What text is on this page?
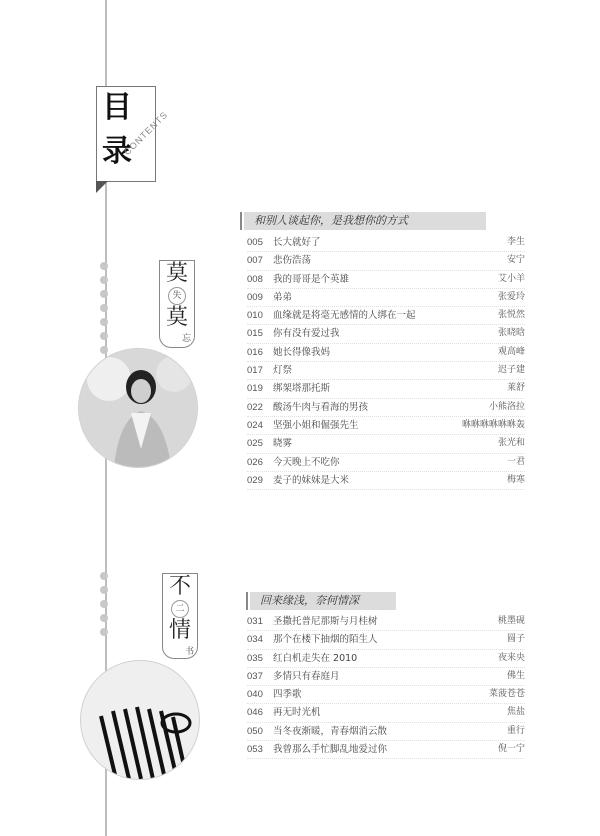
目
录
CONTENTS
莫
失
莫
忘
和别人谈起你，是我想你的方式
005	长大就好了	李生
007	悲伤浩荡	安宁
008	我的哥哥是个英雄	艾小羊
009	弟弟	张爱玲
010	血缘就是将毫无感情的人绑在一起	张悦然
015	你有没有爱过我	张晓晗
016	她长得像我妈	观高峰
017	灯祭	迟子建
019	绑架塔那托斯	莱舒
022	酸汤牛肉与看海的男孩	小熊洛拉
024	坚强小姐和倔强先生	咻咻咻咻咻咻轰
025	晓雾	张光和
026	今天晚上不吃你	一君
029	麦子的妹妹是大米	梅寒
不
二
情
书
回来缘浅，奈何情深
031	圣撒托普尼那斯与月桂树	桃墨砚
034	那个在楼下抽烟的陌生人	圆子
035	红白机走失在 2010	夜来央
037	多情只有春庭月	佛生
040	四季歌	菜菠苍苍
046	再无时光机	焦盐
050	当冬夜渐暖，青春烟消云散	重行
053	我曾那么手忙脚乱地爱过你	倪一宁
